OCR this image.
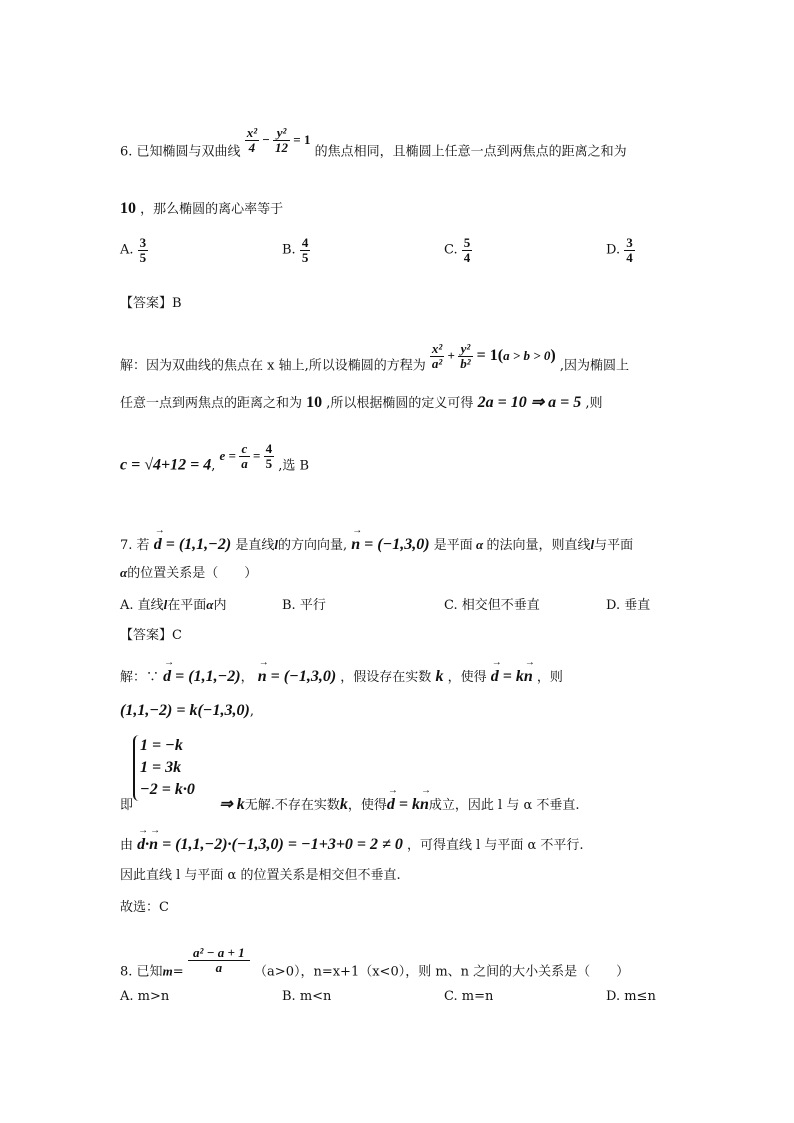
6. 已知椭圆与双曲线 $\frac{\text{x²}}{4} - \frac{\text{y²}}{12} = 1$ 的焦点相同，且椭圆上任意一点到两焦点的距离之和为
10 ，那么椭圆的离心率等于
A. $\frac{3}{5}$	B. $\frac{4}{5}$	C. $\frac{5}{4}$	D. $\frac{3}{4}$
【答案】B
解：因为双曲线的焦点在 x 轴上,所以设椭圆的方程为 $\frac{\text{x²}}{\text{a²}} + \frac{\text{y²}}{\text{b²}} = 1(a > b > 0)$ ,因为椭圆上
任意一点到两焦点的距离之和为 10 ,所以根据椭圆的定义可得 2a = 10 ⇒ a = 5 ,则
c = √4+12 = 4, $e = \frac{c}{a} = \frac{4}{5}$ ,选 B
7. 若 → d = (1,1,−2) 是直线l的方向向量, → n = (−1,3,0) 是平面 α 的法向量，则直线l与平面
α的位置关系是（　　）
A. 直线l在平面α内	B. 平行	C. 相交但不垂直	D. 垂直
【答案】C
解：∵ → d = (1,1,−2)， → n = (−1,3,0) ，假设存在实数 k ，使得 → d = k→ n ，则
(1,1,−2) = k(−1,3,0),
1 = −k
1 = 3k
−2 = k·0
即	⇒ k无解.不存在实数k，使得→ d = k→ n成立，因此 l 与 α 不垂直.
由 → d·→ n = (1,1,−2)·(−1,3,0) = −1+3+0 = 2 ≠ 0 ，可得直线 l 与平面 α 不平行.
因此直线 l 与平面 α 的位置关系是相交但不垂直.
故选：C
8. 已知$m= \frac{\text{a² − a + 1}}{a} (a>0)$，n=x+1（x<0），则 m、n 之间的大小关系是（　　）
A. m>n	B. m<n	C. m=n	D. m≤n
